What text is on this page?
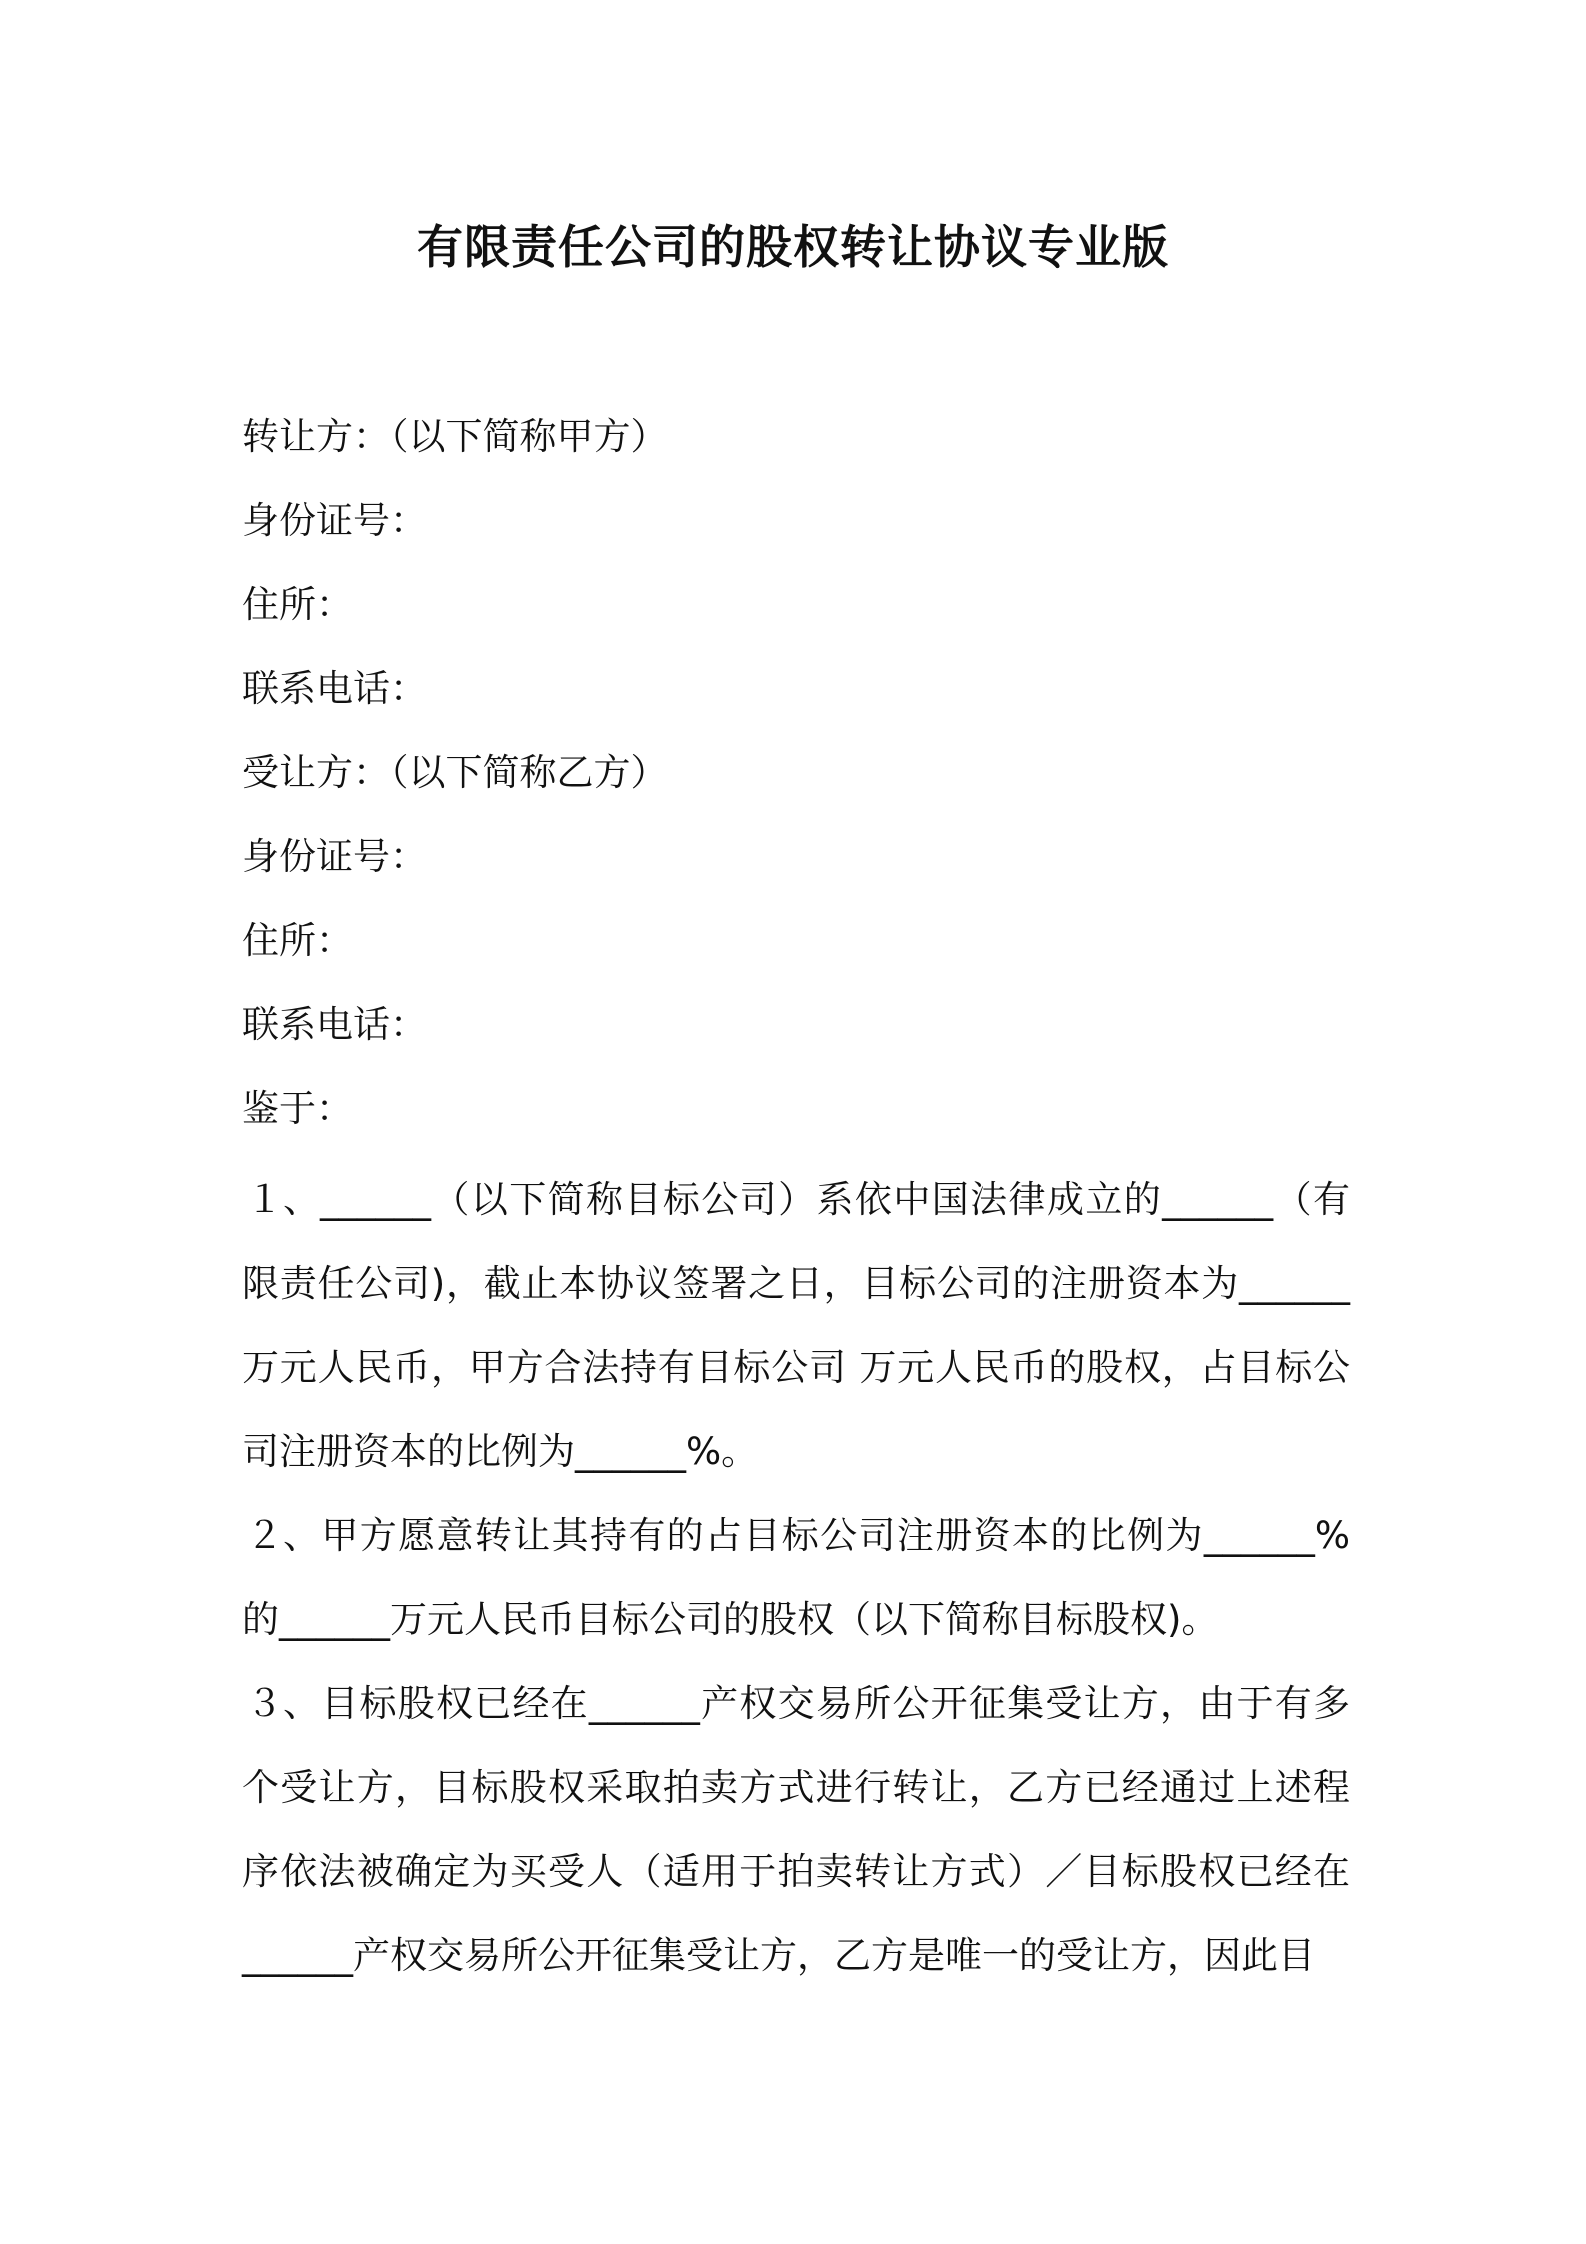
有限责任公司的股权转让协议专业版
转让方：（以下简称甲方）
身份证号：
住所：
联系电话：
受让方：（以下简称乙方）
身份证号：
住所：
联系电话：
鉴于：

１、______（以下简称目标公司）系依中国法律成立的______（有限责任公司)，截止本协议签署之日，目标公司的注册资本为______万元人民币，甲方合法持有目标公司 万元人民币的股权，占目标公司注册资本的比例为______%。

２、甲方愿意转让其持有的占目标公司注册资本的比例为______%的______万元人民币目标公司的股权（以下简称目标股权)。

３、目标股权已经在______产权交易所公开征集受让方，由于有多个受让方，目标股权采取拍卖方式进行转让，乙方已经通过上述程序依法被确定为买受人（适用于拍卖转让方式）／目标股权已经在______产权交易所公开征集受让方，乙方是唯一的受让方，因此目
